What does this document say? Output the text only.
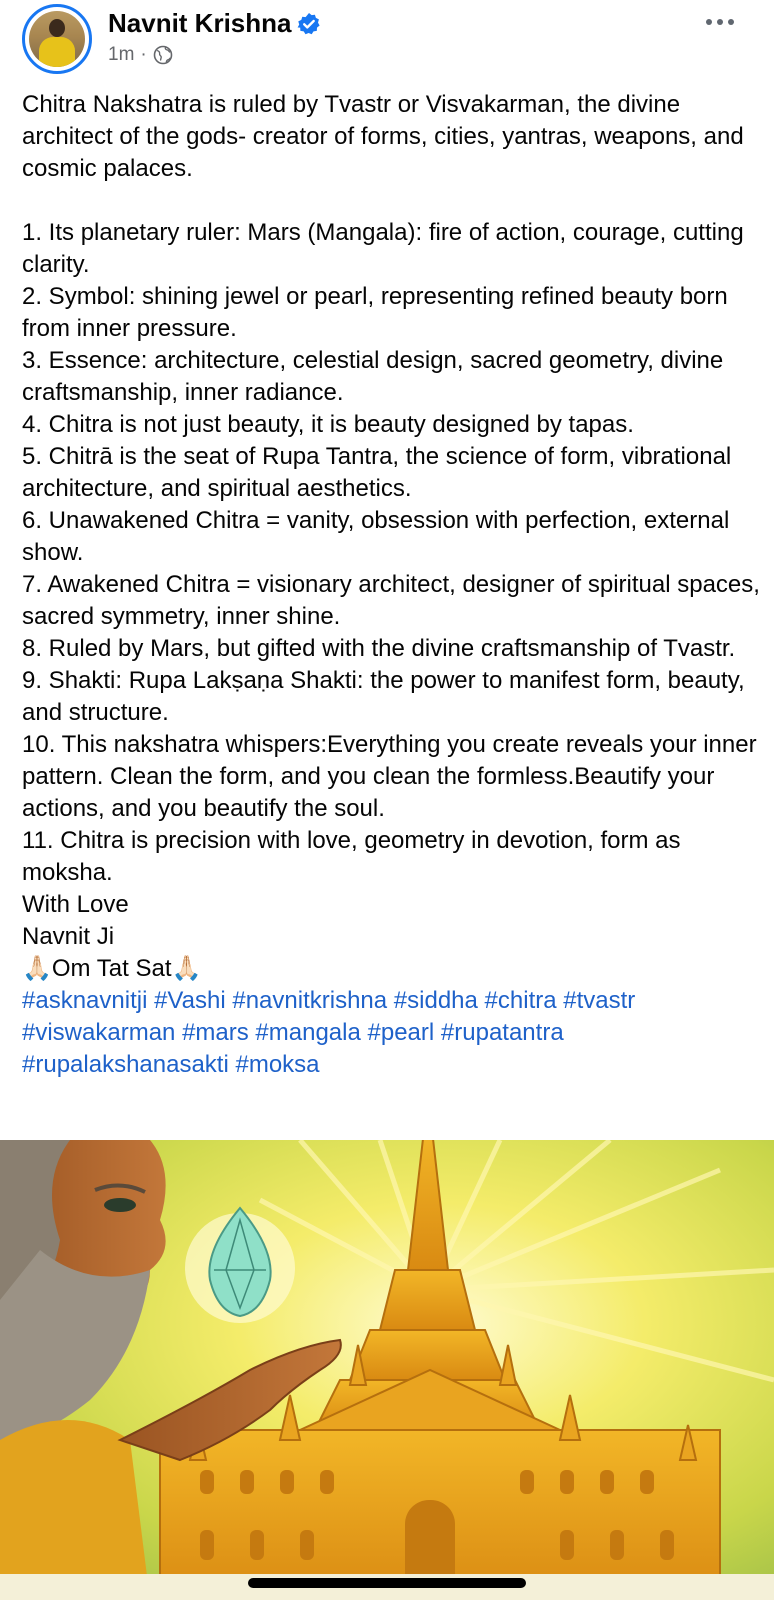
Navnit Krishna
1m ·

Chitra Nakshatra is ruled by Tvastr or Visvakarman, the divine architect of the gods- creator of forms, cities, yantras, weapons, and cosmic palaces.

1. Its planetary ruler: Mars (Mangala): fire of action, courage, cutting clarity.

2. Symbol: shining jewel or pearl, representing refined beauty born from inner pressure.

3. Essence: architecture, celestial design, sacred geometry, divine craftsmanship, inner radiance.

4. Chitra is not just beauty, it is beauty designed by tapas.

5. Chitrā is the seat of Rupa Tantra, the science of form, vibrational architecture, and spiritual aesthetics.

6. Unawakened Chitra = vanity, obsession with perfection, external show.

7. Awakened Chitra = visionary architect, designer of spiritual spaces, sacred symmetry, inner shine.

8. Ruled by Mars, but gifted with the divine craftsmanship of Tvastr.

9. Shakti: Rupa Lakṣaṇa Shakti: the power to manifest form, beauty, and structure.

10. This nakshatra whispers:Everything you create reveals your inner pattern. Clean the form, and you clean the formless.Beautify your actions, and you beautify the soul.

11. Chitra is precision with love, geometry in devotion, form as moksha.

With Love

Navnit Ji

🙏🏻Om Tat Sat🙏🏻

#asknavnitji #Vashi #navnitkrishna #siddha #chitra #tvastr #viswakarman #mars #mangala #pearl #rupatantra #rupalakshanasakti #moksa
